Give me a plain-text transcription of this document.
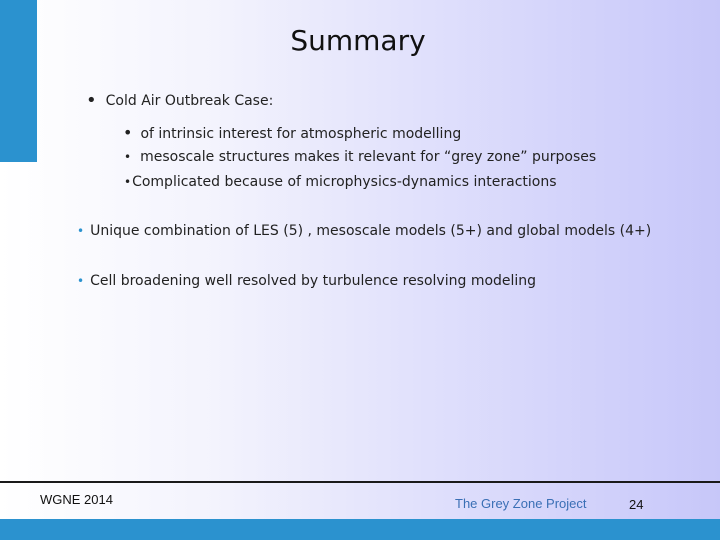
Summary
• Cold Air Outbreak Case:
• of intrinsic interest for atmospheric modelling
• mesoscale structures makes it relevant for “grey zone” purposes
•Complicated because of microphysics-dynamics interactions
• Unique combination of LES (5) , mesoscale models (5+) and global models (4+)
• Cell broadening well resolved by turbulence resolving modeling
WGNE 2014	The Grey Zone Project	24
